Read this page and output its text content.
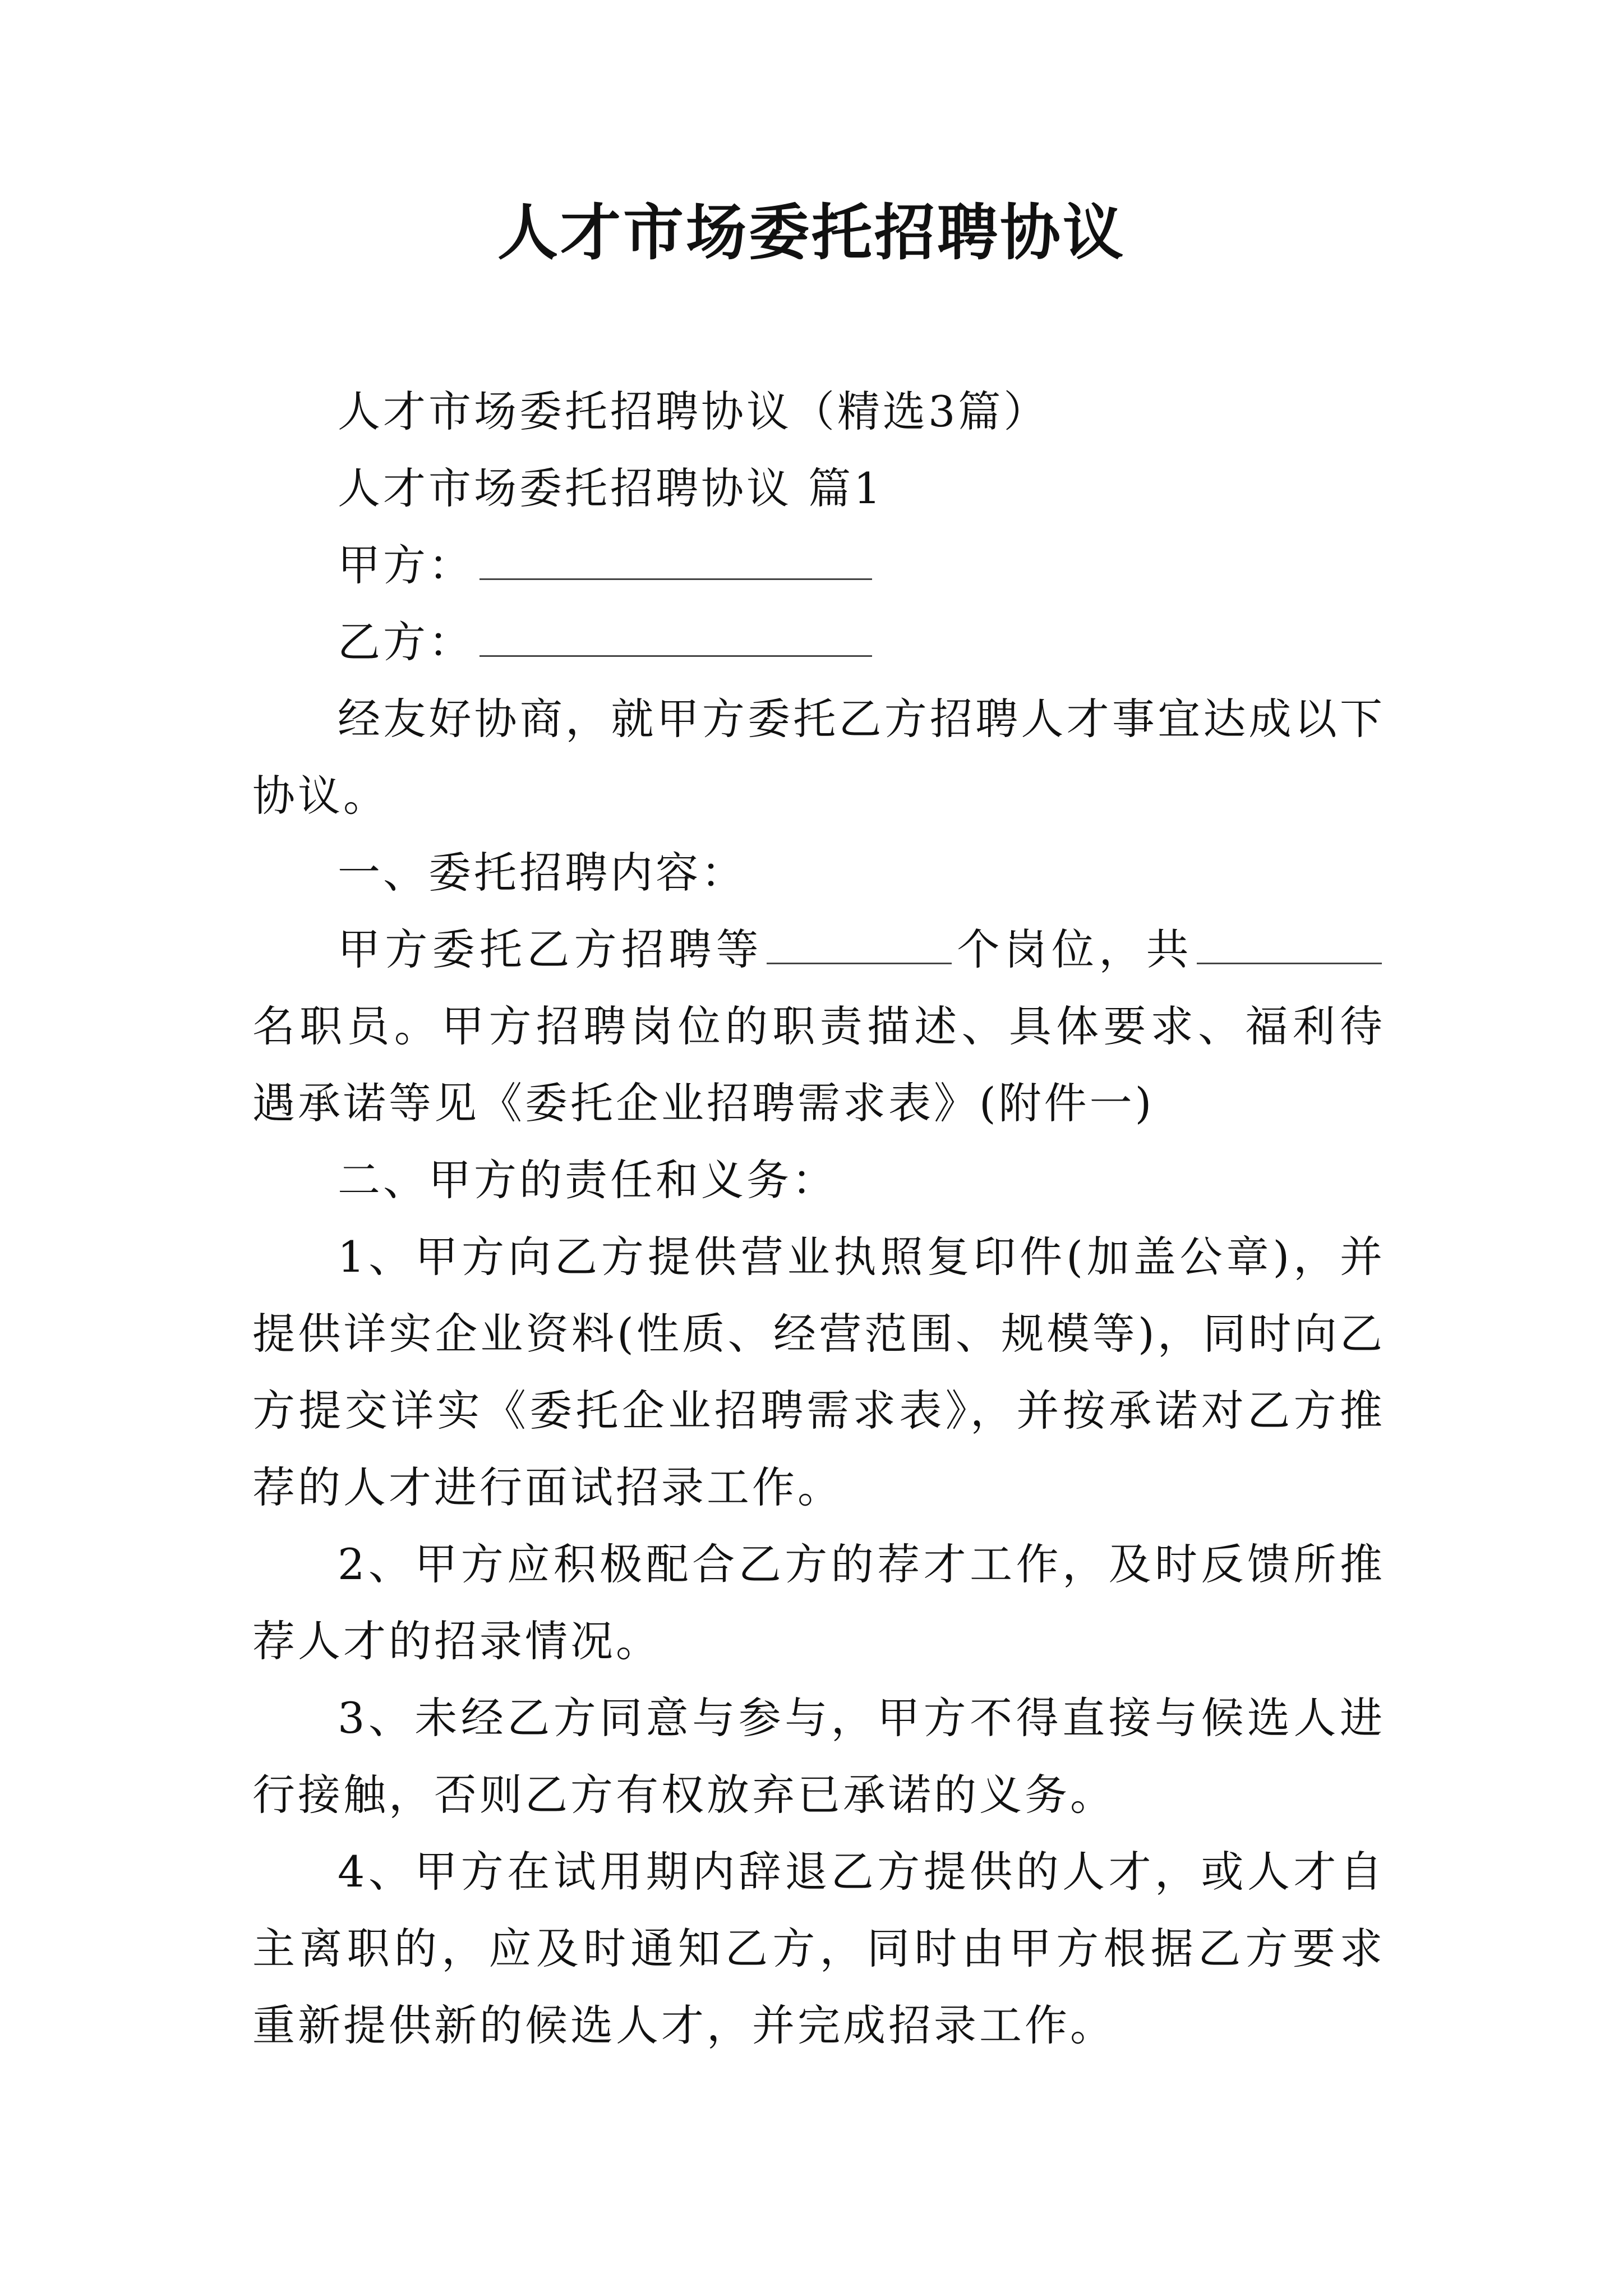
人才市场委托招聘协议

人才市场委托招聘协议（精选3篇）

人才市场委托招聘协议 篇1

甲方：

乙方：

经友好协商，就甲方委托乙方招聘人才事宜达成以下协议。

一、委托招聘内容：

甲方委托乙方招聘等	个岗位，共名职员。甲方招聘岗位的职责描述、具体要求、福利待遇承诺等见《委托企业招聘需求表》(附件一)

二、甲方的责任和义务：

1、甲方向乙方提供营业执照复印件(加盖公章)，并提供详实企业资料(性质、经营范围、规模等)，同时向乙方提交详实《委托企业招聘需求表》，并按承诺对乙方推荐的人才进行面试招录工作。

2、甲方应积极配合乙方的荐才工作，及时反馈所推荐人才的招录情况。

3、未经乙方同意与参与，甲方不得直接与候选人进行接触，否则乙方有权放弃已承诺的义务。

4、甲方在试用期内辞退乙方提供的人才，或人才自主离职的，应及时通知乙方，同时由甲方根据乙方要求重新提供新的候选人才，并完成招录工作。
